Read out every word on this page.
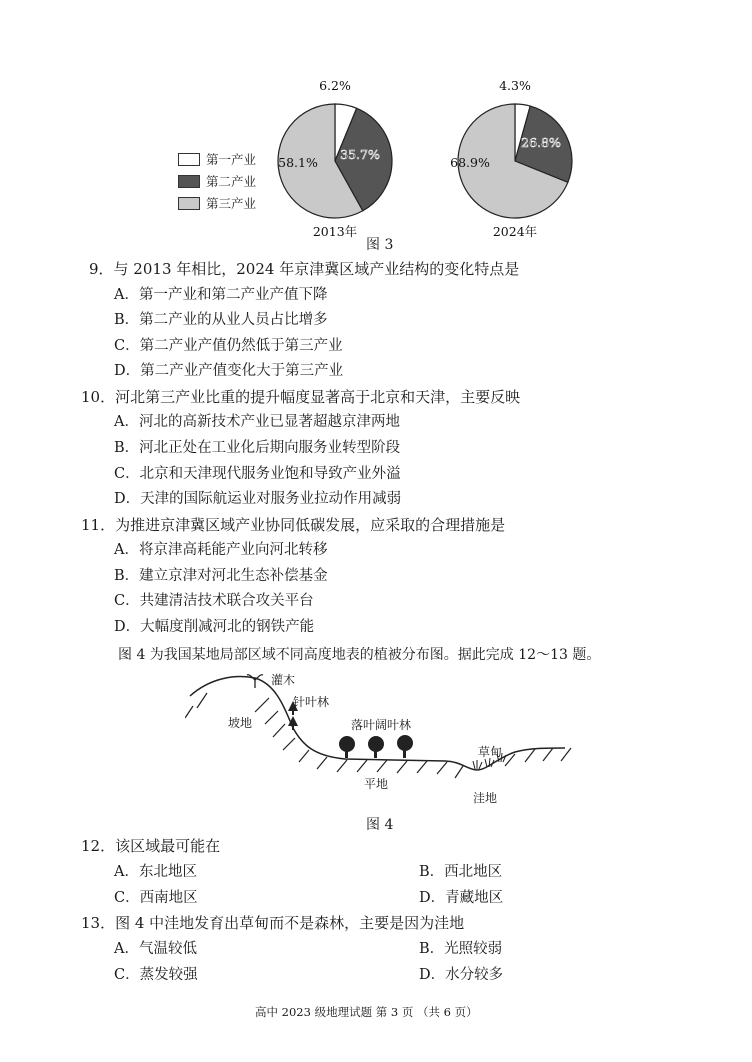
第一产业
第二产业
第三产业
6.2%
35.7%
58.1%
2013年
4.3%
26.8%
68.9%
2024年
图 3
9．与 2013 年相比，2024 年京津冀区域产业结构的变化特点是
A．第一产业和第二产业产值下降
B．第二产业的从业人员占比增多
C．第二产业产值仍然低于第三产业
D．第二产业产值变化大于第三产业
10．河北第三产业比重的提升幅度显著高于北京和天津，主要反映
A．河北的高新技术产业已显著超越京津两地
B．河北正处在工业化后期向服务业转型阶段
C．北京和天津现代服务业饱和导致产业外溢
D．天津的国际航运业对服务业拉动作用减弱
11．为推进京津冀区域产业协同低碳发展，应采取的合理措施是
A．将京津高耗能产业向河北转移
B．建立京津对河北生态补偿基金
C．共建清洁技术联合攻关平台
D．大幅度削减河北的钢铁产能
图 4 为我国某地局部区域不同高度地表的植被分布图。据此完成 12～13 题。
灌木
针叶林
坡地	落叶阔叶林
草甸
平地
洼地
图 4
12．该区域最可能在
A．东北地区	B．西北地区
C．西南地区	D．青藏地区
13．图 4 中洼地发育出草甸而不是森林，主要是因为洼地
A．气温较低	B．光照较弱
C．蒸发较强	D．水分较多
高中 2023 级地理试题 第 3 页 （共 6 页）
